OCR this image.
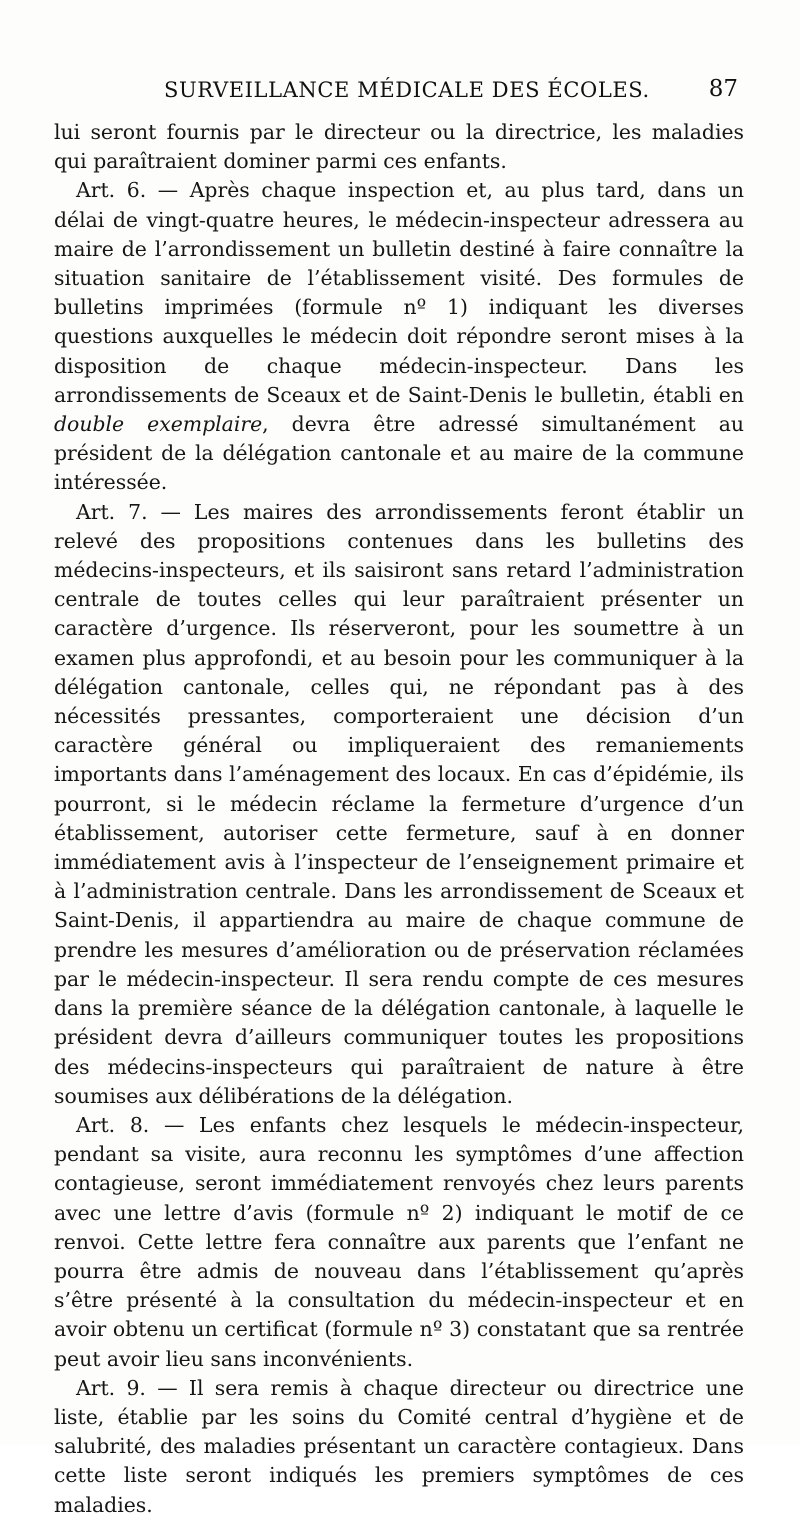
SURVEILLANCE MÉDICALE DES ÉCOLES.	87

lui seront fournis par le directeur ou la directrice, les maladies qui paraîtraient dominer parmi ces enfants.

Art. 6. — Après chaque inspection et, au plus tard, dans un délai de vingt-quatre heures, le médecin-inspecteur adressera au maire de l’arrondissement un bulletin destiné à faire connaître la situation sanitaire de l’établissement visité. Des formules de bulletins imprimées (formule nº 1) indiquant les diverses questions auxquelles le médecin doit répondre seront mises à la disposition de chaque médecin-inspecteur. Dans les arrondissements de Sceaux et de Saint-Denis le bulletin, établi en double exemplaire, devra être adressé simultanément au président de la délégation cantonale et au maire de la commune intéressée.

Art. 7. — Les maires des arrondissements feront établir un relevé des propositions contenues dans les bulletins des médecins-inspecteurs, et ils saisiront sans retard l’administration centrale de toutes celles qui leur paraîtraient présenter un caractère d’urgence. Ils réserveront, pour les soumettre à un examen plus approfondi, et au besoin pour les communiquer à la délégation cantonale, celles qui, ne répondant pas à des nécessités pressantes, comporteraient une décision d’un caractère général ou impliqueraient des remaniements importants dans l’aménagement des locaux. En cas d’épidémie, ils pourront, si le médecin réclame la fermeture d’urgence d’un établissement, autoriser cette fermeture, sauf à en donner immédiatement avis à l’inspecteur de l’enseignement primaire et à l’administration centrale. Dans les arrondissement de Sceaux et Saint-Denis, il appartiendra au maire de chaque commune de prendre les mesures d’amélioration ou de préservation réclamées par le médecin-inspecteur. Il sera rendu compte de ces mesures dans la première séance de la délégation cantonale, à laquelle le président devra d’ailleurs communiquer toutes les propositions des médecins-inspecteurs qui paraîtraient de nature à être soumises aux délibérations de la délégation.

Art. 8. — Les enfants chez lesquels le médecin-inspecteur, pendant sa visite, aura reconnu les symptômes d’une affection contagieuse, seront immédiatement renvoyés chez leurs parents avec une lettre d’avis (formule nº 2) indiquant le motif de ce renvoi. Cette lettre fera connaître aux parents que l’enfant ne pourra être admis de nouveau dans l’établissement qu’après s’être présenté à la consultation du médecin-inspecteur et en avoir obtenu un certificat (formule nº 3) constatant que sa rentrée peut avoir lieu sans inconvénients.

Art. 9. — Il sera remis à chaque directeur ou directrice une liste, établie par les soins du Comité central d’hygiène et de salubrité, des maladies présentant un caractère contagieux. Dans cette liste seront indiqués les premiers symptômes de ces maladies.
